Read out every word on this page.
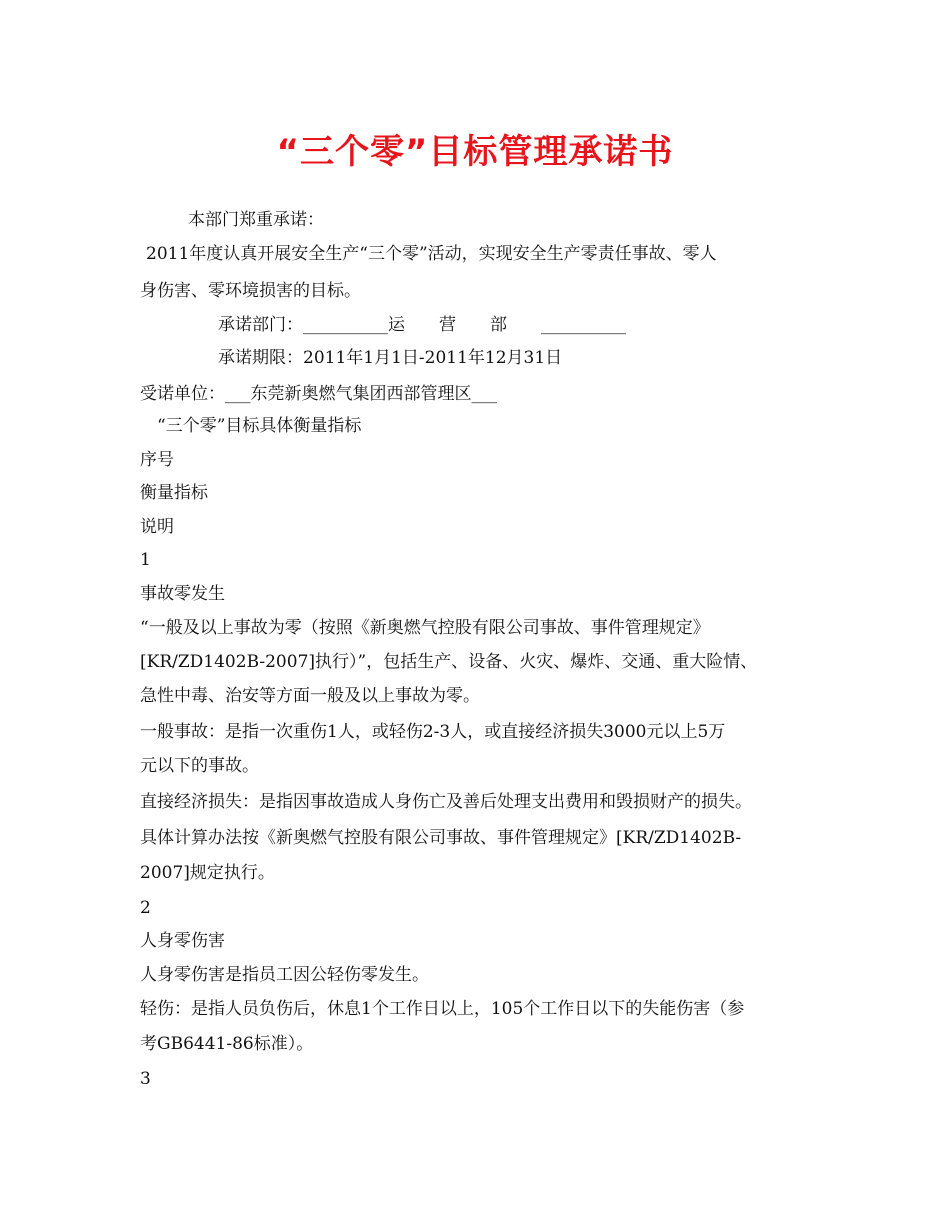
“三个零”目标管理承诺书
本部门郑重承诺：
2011年度认真开展安全生产“三个零”活动，实现安全生产零责任事故、零人
身伤害、零环境损害的目标。
承诺部门：__________运　　营　　部　　__________
承诺期限：2011年1月1日-2011年12月31日
受诺单位：___东莞新奥燃气集团西部管理区___
“三个零”目标具体衡量指标
序号
衡量指标
说明
1
事故零发生
“一般及以上事故为零（按照《新奥燃气控股有限公司事故、事件管理规定》
[KR/ZD1402B-2007]执行）”，包括生产、设备、火灾、爆炸、交通、重大险情、
急性中毒、治安等方面一般及以上事故为零。
一般事故：是指一次重伤1人，或轻伤2-3人，或直接经济损失3000元以上5万
元以下的事故。
直接经济损失：是指因事故造成人身伤亡及善后处理支出费用和毁损财产的损失。
具体计算办法按《新奥燃气控股有限公司事故、事件管理规定》[KR/ZD1402B-
2007]规定执行。
2
人身零伤害
人身零伤害是指员工因公轻伤零发生。
轻伤：是指人员负伤后，休息1个工作日以上，105个工作日以下的失能伤害（参
考GB6441-86标准）。
3
